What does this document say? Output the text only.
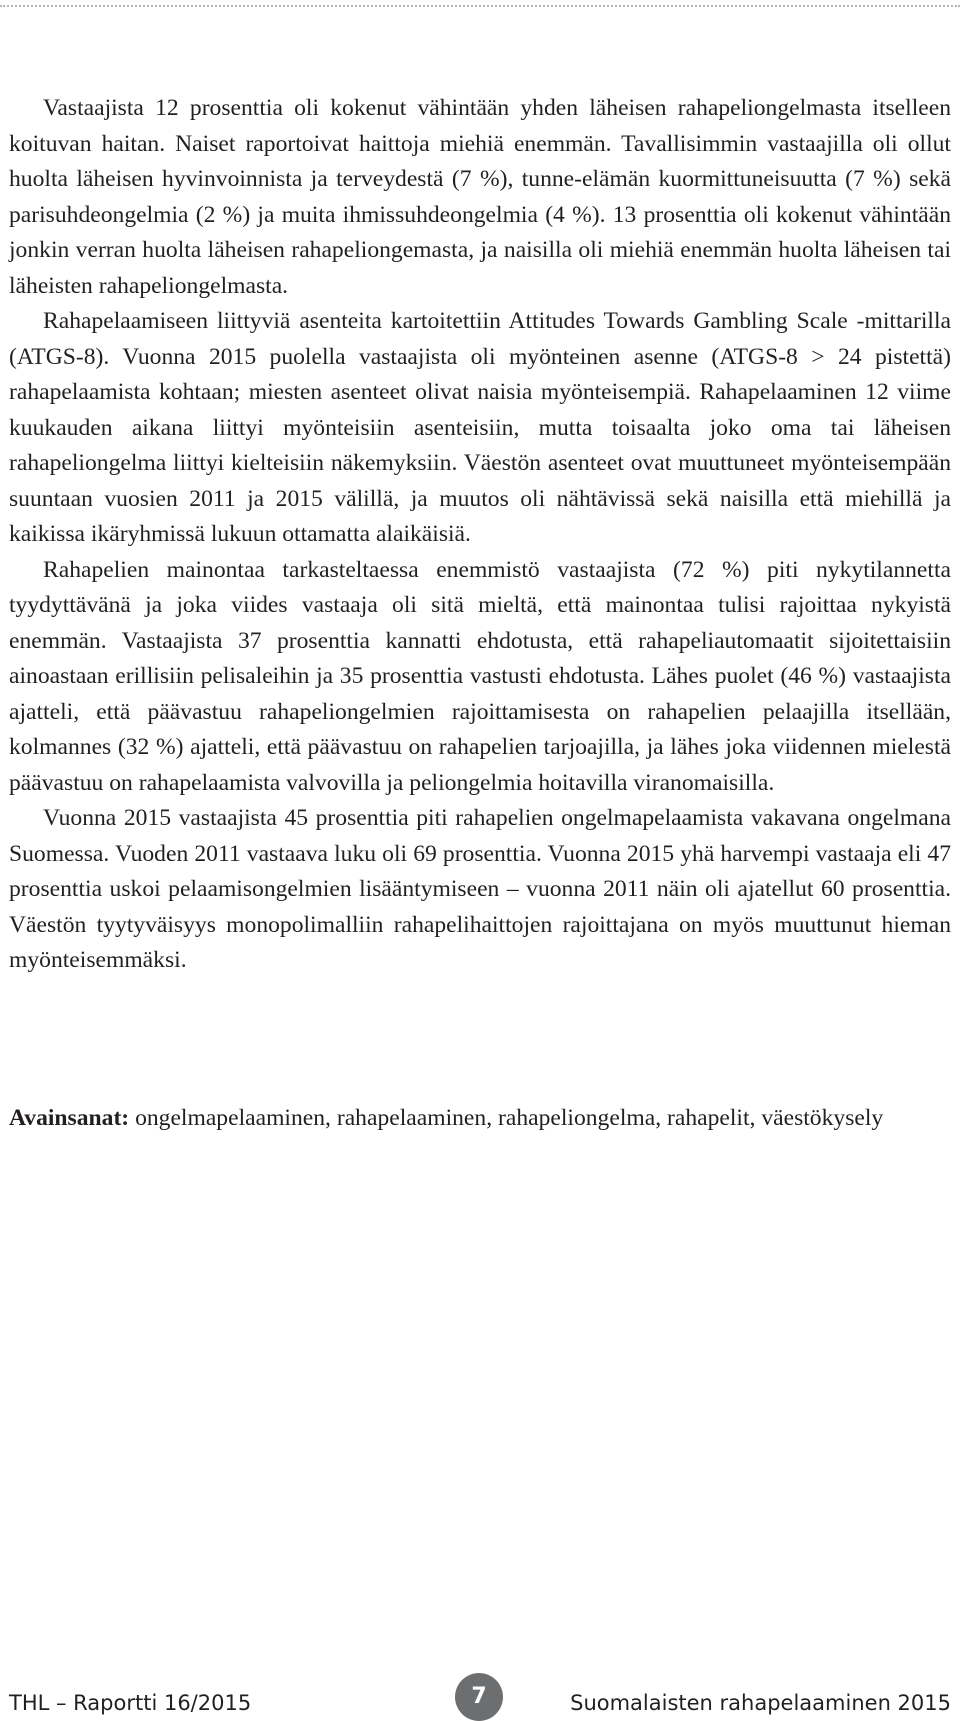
Vastaajista 12 prosenttia oli kokenut vähintään yhden läheisen rahapeliongelmasta itselleen koituvan haitan. Naiset raportoivat haittoja miehiä enemmän. Tavallisimmin vastaajilla oli ollut huolta läheisen hyvinvoinnista ja terveydestä (7 %), tunne-elämän kuormittuneisuutta (7 %) sekä parisuhdeongelmia (2 %) ja muita ihmissuhdeongelmia (4 %). 13 prosenttia oli kokenut vähintään jonkin verran huolta läheisen rahapeliongemasta, ja naisilla oli miehiä enemmän huolta läheisen tai läheisten rahapeliongelmasta.

Rahapelaamiseen liittyviä asenteita kartoitettiin Attitudes Towards Gambling Scale -mittarilla (ATGS-8). Vuonna 2015 puolella vastaajista oli myönteinen asenne (ATGS-8 > 24 pistettä) rahapelaamista kohtaan; miesten asenteet olivat naisia myönteisempiä. Rahapelaaminen 12 viime kuukauden aikana liittyi myönteisiin asenteisiin, mutta toisaalta joko oma tai läheisen rahapeliongelma liittyi kielteisiin näkemyksiin. Väestön asenteet ovat muuttuneet myönteisempään suuntaan vuosien 2011 ja 2015 välillä, ja muutos oli nähtävissä sekä naisilla että miehillä ja kaikissa ikäryhmissä lukuun ottamatta alaikäisiä.

Rahapelien mainontaa tarkasteltaessa enemmistö vastaajista (72 %) piti nykytilannetta tyydyttävänä ja joka viides vastaaja oli sitä mieltä, että mainontaa tulisi rajoittaa nykyistä enemmän. Vastaajista 37 prosenttia kannatti ehdotusta, että rahapeliautomaatit sijoitettaisiin ainoastaan erillisiin pelisaleihin ja 35 prosenttia vastusti ehdotusta. Lähes puolet (46 %) vastaajista ajatteli, että päävastuu rahapeliongelmien rajoittamisesta on rahapelien pelaajilla itsellään, kolmannes (32 %) ajatteli, että päävastuu on rahapelien tarjoajilla, ja lähes joka viidennen mielestä päävastuu on rahapelaamista valvovilla ja peliongelmia hoitavilla viranomaisilla.

Vuonna 2015 vastaajista 45 prosenttia piti rahapelien ongelmapelaamista vakavana ongelmana Suomessa. Vuoden 2011 vastaava luku oli 69 prosenttia. Vuonna 2015 yhä harvempi vastaaja eli 47 prosenttia uskoi pelaamisongelmien lisääntymiseen – vuonna 2011 näin oli ajatellut 60 prosenttia. Väestön tyytyväisyys monopolimalliin rahapelihaittojen rajoittajana on myös muuttunut hieman myönteisemmäksi.

Avainsanat: ongelmapelaaminen, rahapelaaminen, rahapeliongelma, rahapelit, väestökysely

THL – Raportti 16/2015	7	Suomalaisten rahapelaaminen 2015
